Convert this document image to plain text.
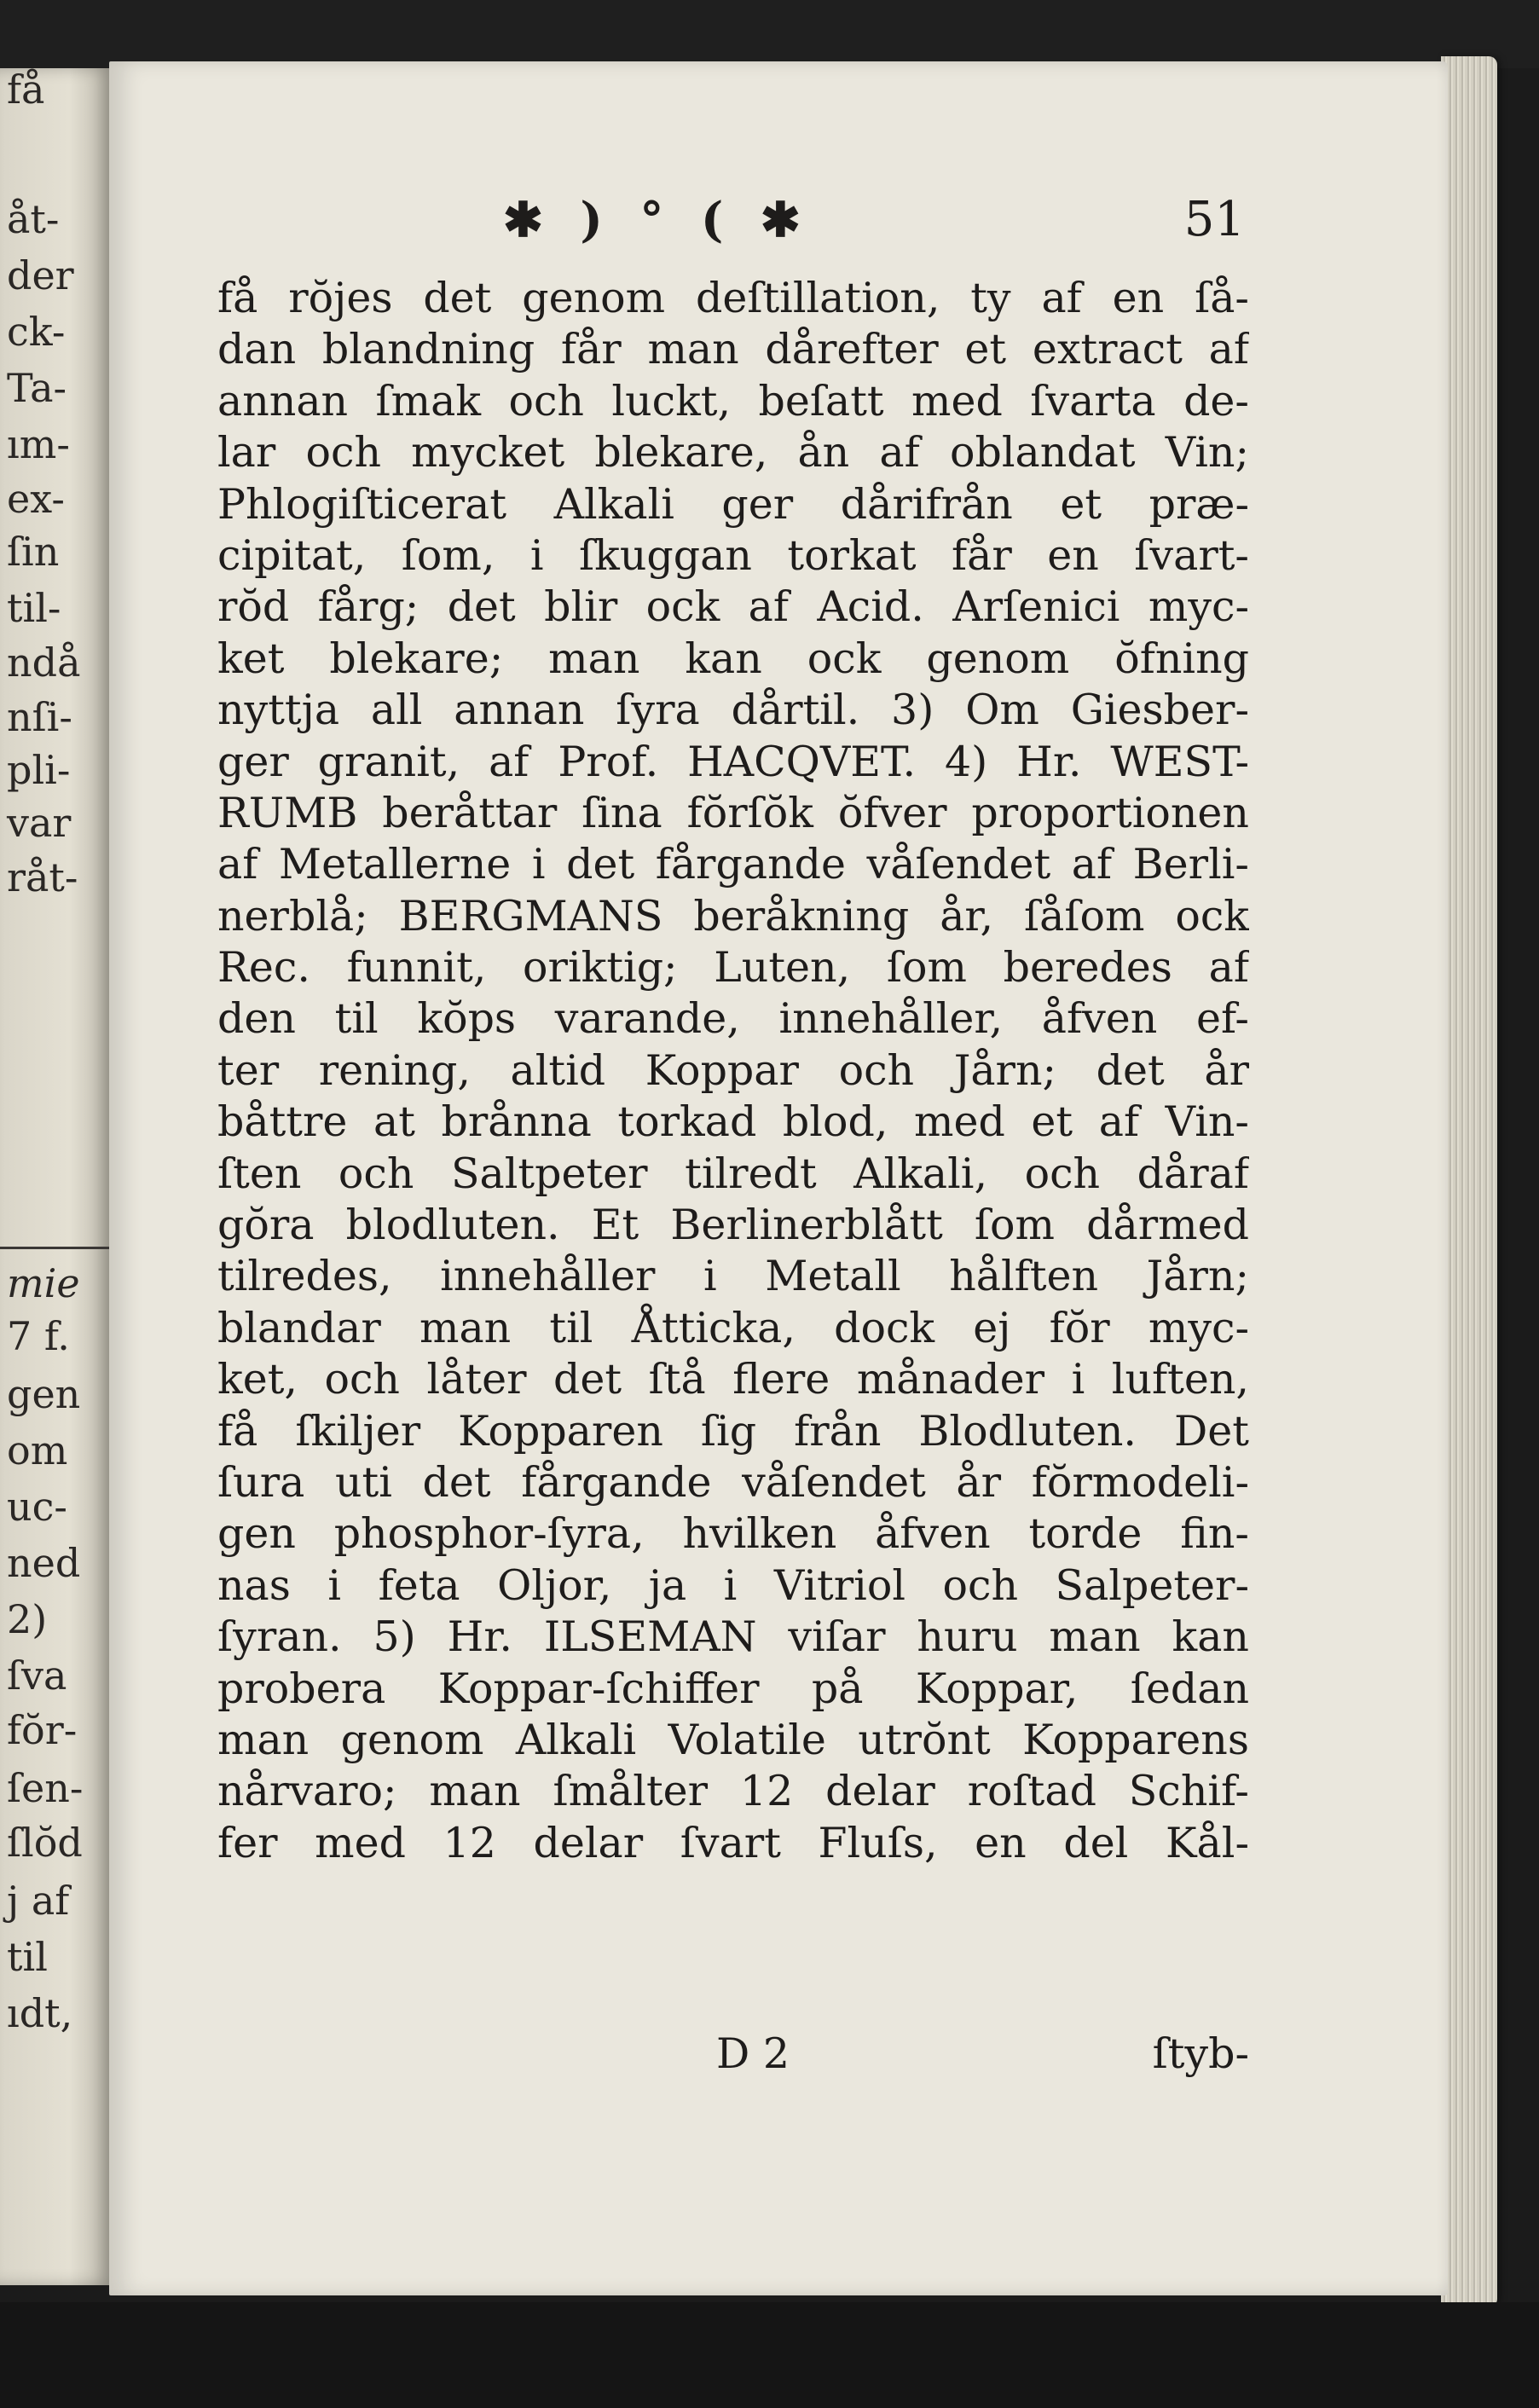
åt-
der
ck-
Ta-
ım-
ex-
ſin
til-
ndå
nſi-
pli-
var
råt-
mie
7 f.
gen
om
uc-
ned
2)
ſva
fŏr-
ſen-
ſlŏd
j af
til
ıdt,
få
✱ ) ° ( ✱	51
få rŏjes det genom deſtillation, ty af en ſå-
dan blandning får man dårefter et extract af
annan ſmak och luckt, beſatt med ſvarta de-
lar och mycket blekare, ån af oblandat Vin;
Phlogiſticerat Alkali ger dårifrån et præ-
cipitat, ſom, i ſkuggan torkat får en ſvart-
rŏd fårg; det blir ock af Acid. Arſenici myc-
ket blekare; man kan ock genom ŏfning
nyttja all annan ſyra dårtil. 3) Om Giesber-
ger granit, af Prof. HACQVET. 4) Hr. WEST-
RUMB beråttar ſina fŏrſŏk ŏfver proportionen
af Metallerne i det fårgande våſendet af Berli-
nerblå; BERGMANS beråkning år, ſåſom ock
Rec. funnit, oriktig; Luten, ſom beredes af
den til kŏps varande, innehåller, åfven ef-
ter rening, altid Koppar och Jårn; det år
båttre at brånna torkad blod, med et af Vin-
ſten och Saltpeter tilredt Alkali, och dåraf
gŏra blodluten. Et Berlinerblått ſom dårmed
tilredes, innehåller i Metall hålften Jårn;
blandar man til Åtticka, dock ej fŏr myc-
ket, och låter det ſtå flere månader i luften,
få ſkiljer Kopparen ſig från Blodluten. Det
ſura uti det fårgande våſendet år fŏrmodeli-
gen phosphor-ſyra, hvilken åfven torde fin-
nas i feta Oljor, ja i Vitriol och Salpeter-
ſyran. 5) Hr. ILSEMAN viſar huru man kan
probera Koppar-ſchiffer på Koppar, ſedan
man genom Alkali Volatile utrŏnt Kopparens
nårvaro; man ſmålter 12 delar roſtad Schif-
fer med 12 delar ſvart Fluſs, en del Kål-
D 2	ſtyb-
